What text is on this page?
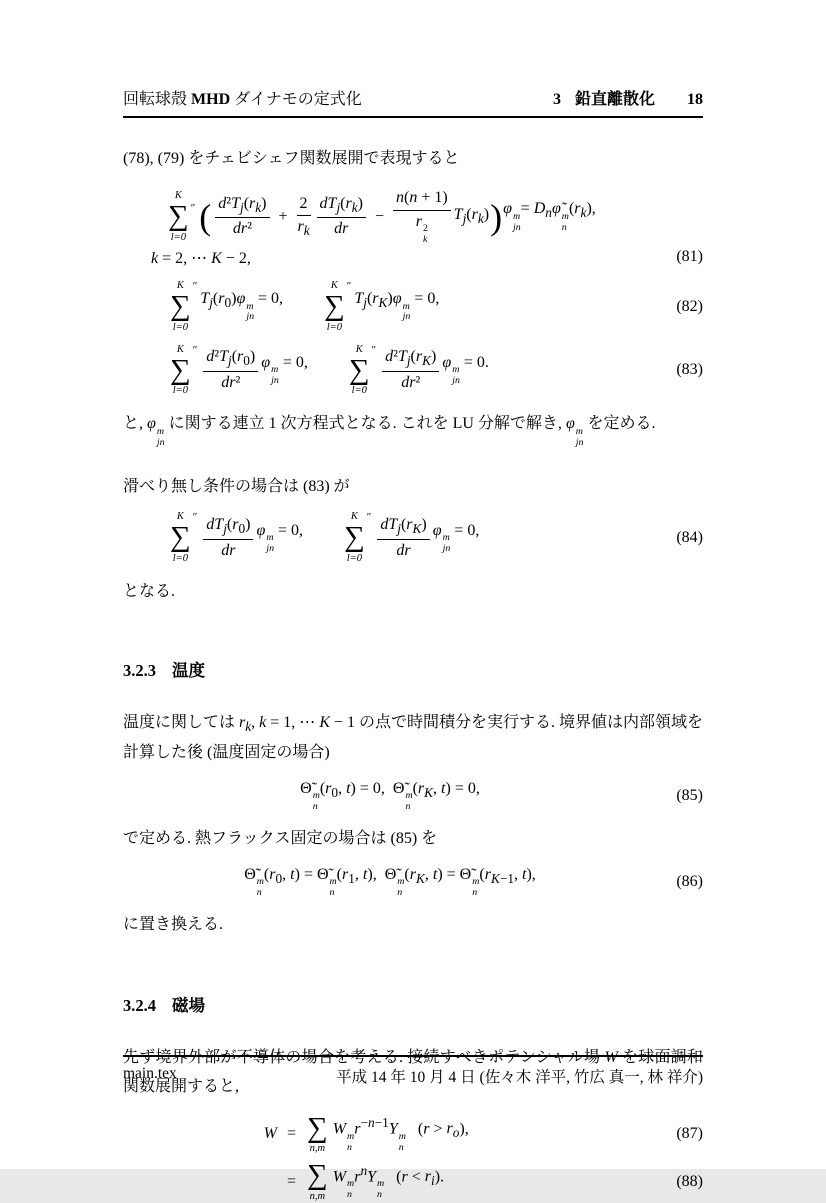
回転球殻 MHD ダイナモの定式化	3 鉛直離散化 18

(78), (79) をチェビシェフ関数展開で表現すると

K
∑
l=0
″ ( $\frac{d^2T_j(r_k)}{\text{dr²}} + \frac{2}{r_k} \frac{dT_j(r_k)}{dr} - n(n + 1)$
r 2
k $T_j(r_k)$ ) φ m
jn
= $D_n\varphĩ$ m
n
$(r_k)$,
k = 2, ⋯ K − 2,	(81)
K
∑
l=0
″
$T_j(r_0)\varphi$ m
jn
= 0,
K
∑
l=0
″
$T_j(r_K)\varphi$ m
jn
= 0,	(82)
K
∑
l=0
″ $\frac{d^2T_j(r_0)}{\text{dr²}}$ φ m
jn
= 0,
K
∑
l=0
″ $\frac{d^2T_j(r_K)}{\text{dr²}}$ φ m
jn
= 0.	(83)

と, φ m
jn
に関する連立 1 次方程式となる. これを LU 分解で解き, φ m
jn
を定める.

滑べり無し条件の場合は (83) が

K
∑
l=0
″ $\frac{dT_j(r_0)}{dr}$ φ m
jn
= 0,
K
∑
l=0
″ $\frac{dT_j(r_K)}{dr}$ φ m
jn
= 0,	(84)

となる.

3.2.3 温度

温度に関しては $r_k$, k = 1, ⋯ K − 1 の点で時間積分を実行する. 境界値は内部領域を計算した後 (温度固定の場合)

Θ̃ m
n
($r_0$, t) = 0,  Θ̃ m
n
($r_K$, t) = 0,	(85)

で定める. 熱フラックス固定の場合は (85) を

Θ̃ m
n
($r_0$, t) = Θ̃ m
n
($r_1$, t),  Θ̃ m
n
($r_K$, t) = Θ̃ m
n
($r_{K-1}$, t),	(86)

に置き換える.

3.2.4 磁場

先ず境界外部が不導体の場合を考える. 接続すべきポテンシャル場 W を球面調和関数展開すると,

W = ∑
n,m
W m
n
$r^{-n-1}Y$ m
n
$(r > r_o)$,	(87)
= ∑
n,m
W m
n
$r^nY$ m
n
$(r < r_i)$.	(88)
main.tex	平成 14 年 10 月 4 日 (佐々木 洋平, 竹広 真一, 林 祥介)
